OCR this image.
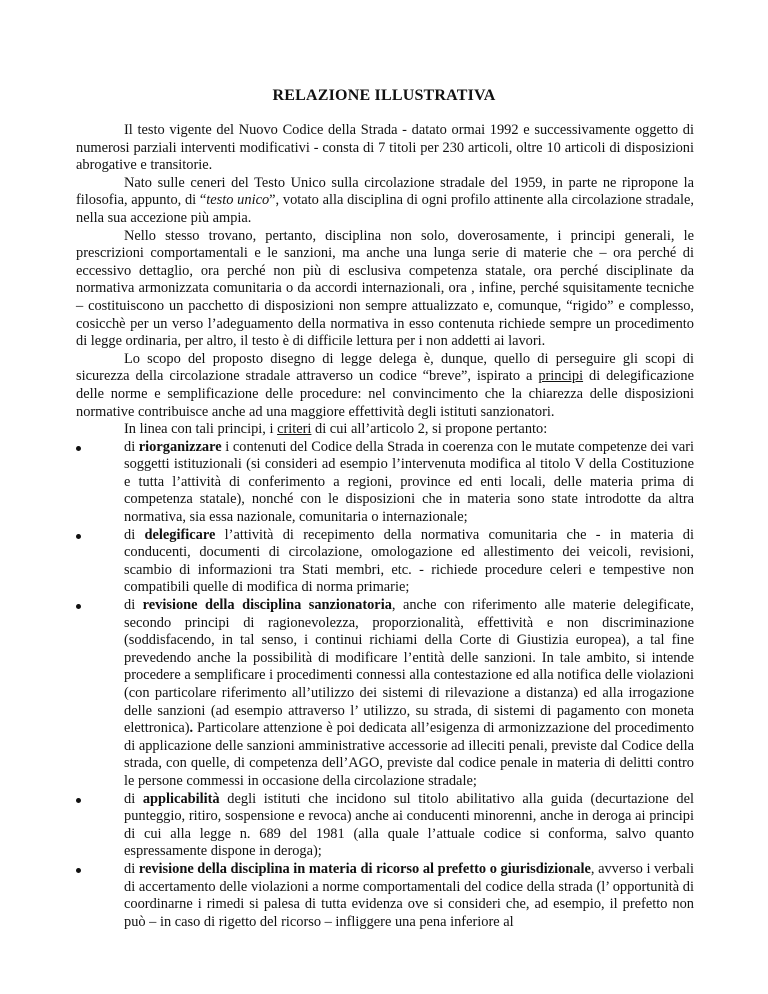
RELAZIONE ILLUSTRATIVA

Il testo vigente del Nuovo Codice della Strada - datato ormai 1992 e successivamente oggetto di numerosi parziali interventi modificativi - consta di 7 titoli per 230 articoli, oltre 10 articoli di disposizioni abrogative e transitorie.

Nato sulle ceneri del Testo Unico sulla circolazione stradale del 1959, in parte ne ripropone la filosofia, appunto, di “testo unico”, votato alla disciplina di ogni profilo attinente alla circolazione stradale, nella sua accezione più ampia.

Nello stesso trovano, pertanto, disciplina non solo, doverosamente, i principi generali, le prescrizioni comportamentali e le sanzioni, ma anche una lunga serie di materie che – ora perché di eccessivo dettaglio, ora perché non più di esclusiva competenza statale, ora perché disciplinate da normativa armonizzata comunitaria o da accordi internazionali, ora , infine, perché squisitamente tecniche – costituiscono un pacchetto di disposizioni non sempre attualizzato e, comunque, “rigido” e complesso, cosicchè per un verso l’adeguamento della normativa in esso contenuta richiede sempre un procedimento di legge ordinaria, per altro, il testo è di difficile lettura per i non addetti ai lavori.

Lo scopo del proposto disegno di legge delega è, dunque, quello di perseguire gli scopi di sicurezza della circolazione stradale attraverso un codice “breve”, ispirato a principi di delegificazione delle norme e semplificazione delle procedure: nel convincimento che la chiarezza delle disposizioni normative contribuisce anche ad una maggiore effettività degli istituti sanzionatori.

In linea con tali principi, i criteri di cui all’articolo 2, si propone pertanto:

di riorganizzare i contenuti del Codice della Strada in coerenza con le mutate competenze dei vari soggetti istituzionali (si consideri ad esempio l’intervenuta modifica al titolo V della Costituzione e tutta l’attività di conferimento a regioni, province ed enti locali, delle materia prima di competenza statale), nonché con le disposizioni che in materia sono state introdotte da altra normativa, sia essa nazionale, comunitaria o internazionale;
di delegificare l’attività di recepimento della normativa comunitaria che - in materia di conducenti, documenti di circolazione, omologazione ed allestimento dei veicoli, revisioni, scambio di informazioni tra Stati membri, etc. - richiede procedure celeri e tempestive non compatibili quelle di modifica di norma primarie;
di revisione della disciplina sanzionatoria, anche con riferimento alle materie delegificate, secondo principi di ragionevolezza, proporzionalità, effettività e non discriminazione (soddisfacendo, in tal senso, i continui richiami della Corte di Giustizia europea), a tal fine prevedendo anche la possibilità di modificare l’entità delle sanzioni. In tale ambito, si intende procedere a semplificare i procedimenti connessi alla contestazione ed alla notifica delle violazioni (con particolare riferimento all’utilizzo dei sistemi di rilevazione a distanza) ed alla irrogazione delle sanzioni (ad esempio attraverso l’ utilizzo, su strada, di sistemi di pagamento con moneta elettronica). Particolare attenzione è poi dedicata all’esigenza di armonizzazione del procedimento di applicazione delle sanzioni amministrative accessorie ad illeciti penali, previste dal Codice della strada, con quelle, di competenza dell’AGO, previste dal codice penale in materia di delitti contro le persone commessi in occasione della circolazione stradale;
di applicabilità degli istituti che incidono sul titolo abilitativo alla guida (decurtazione del punteggio, ritiro, sospensione e revoca) anche ai conducenti minorenni, anche in deroga ai principi di cui alla legge n. 689 del 1981 (alla quale l’attuale codice si conforma, salvo quanto espressamente dispone in deroga);
di revisione della disciplina in materia di ricorso al prefetto o giurisdizionale, avverso i verbali di accertamento delle violazioni a norme comportamentali del codice della strada (l’ opportunità di coordinarne i rimedi si palesa di tutta evidenza ove si consideri che, ad esempio, il prefetto non può – in caso di rigetto del ricorso – infliggere una pena inferiore al
